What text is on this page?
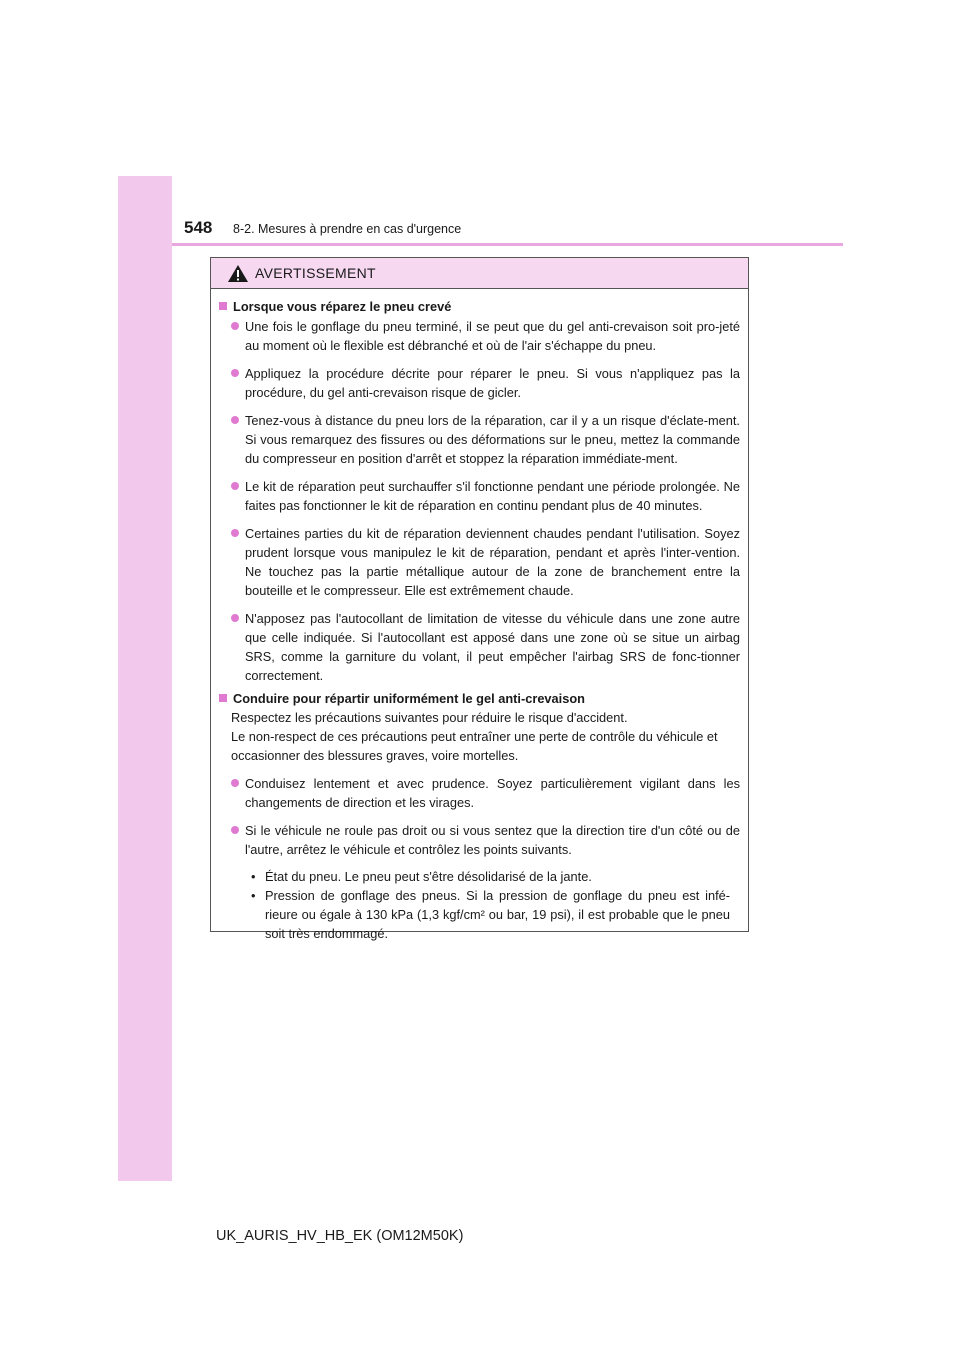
548 8-2. Mesures à prendre en cas d'urgence
AVERTISSEMENT
Lorsque vous réparez le pneu crevé
Une fois le gonflage du pneu terminé, il se peut que du gel anti-crevaison soit pro-jeté au moment où le flexible est débranché et où de l'air s'échappe du pneu.
Appliquez la procédure décrite pour réparer le pneu. Si vous n'appliquez pas la procédure, du gel anti-crevaison risque de gicler.
Tenez-vous à distance du pneu lors de la réparation, car il y a un risque d'éclate-ment. Si vous remarquez des fissures ou des déformations sur le pneu, mettez la commande du compresseur en position d'arrêt et stoppez la réparation immédiate-ment.
Le kit de réparation peut surchauffer s'il fonctionne pendant une période prolongée. Ne faites pas fonctionner le kit de réparation en continu pendant plus de 40 minutes.
Certaines parties du kit de réparation deviennent chaudes pendant l'utilisation. Soyez prudent lorsque vous manipulez le kit de réparation, pendant et après l'inter-vention. Ne touchez pas la partie métallique autour de la zone de branchement entre la bouteille et le compresseur. Elle est extrêmement chaude.
N'apposez pas l'autocollant de limitation de vitesse du véhicule dans une zone autre que celle indiquée. Si l'autocollant est apposé dans une zone où se situe un airbag SRS, comme la garniture du volant, il peut empêcher l'airbag SRS de fonc-tionner correctement.
Conduire pour répartir uniformément le gel anti-crevaison
Respectez les précautions suivantes pour réduire le risque d'accident.
Le non-respect de ces précautions peut entraîner une perte de contrôle du véhicule et occasionner des blessures graves, voire mortelles.
Conduisez lentement et avec prudence. Soyez particulièrement vigilant dans les changements de direction et les virages.
Si le véhicule ne roule pas droit ou si vous sentez que la direction tire d'un côté ou de l'autre, arrêtez le véhicule et contrôlez les points suivants.
• État du pneu. Le pneu peut s'être désolidarisé de la jante.
• Pression de gonflage des pneus. Si la pression de gonflage du pneu est infé-rieure ou égale à 130 kPa (1,3 kgf/cm² ou bar, 19 psi), il est probable que le pneu soit très endommagé.
UK_AURIS_HV_HB_EK (OM12M50K)
